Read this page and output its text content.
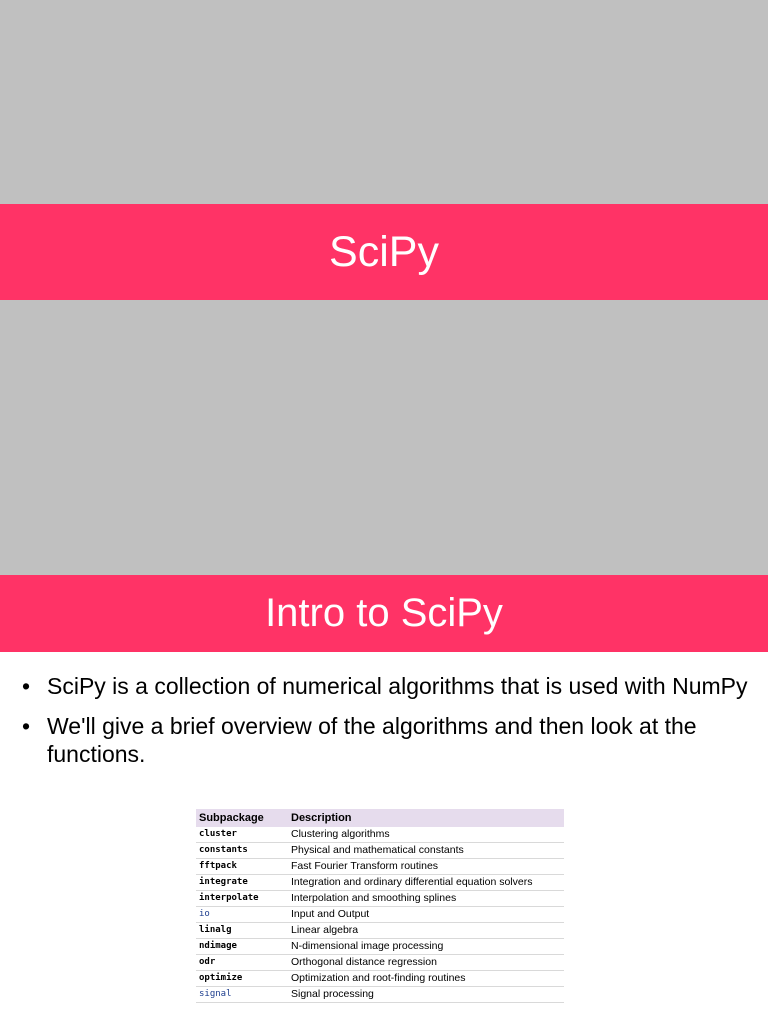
SciPy
Intro to SciPy
• SciPy is a collection of numerical algorithms that is used with NumPy
• We'll give a brief overview of the algorithms and then look at the functions.
Subpackage	Description
cluster	Clustering algorithms
constants	Physical and mathematical constants
fftpack	Fast Fourier Transform routines
integrate	Integration and ordinary differential equation solvers
interpolate	Interpolation and smoothing splines
io	Input and Output
linalg	Linear algebra
ndimage	N-dimensional image processing
odr	Orthogonal distance regression
optimize	Optimization and root-finding routines
signal	Signal processing
